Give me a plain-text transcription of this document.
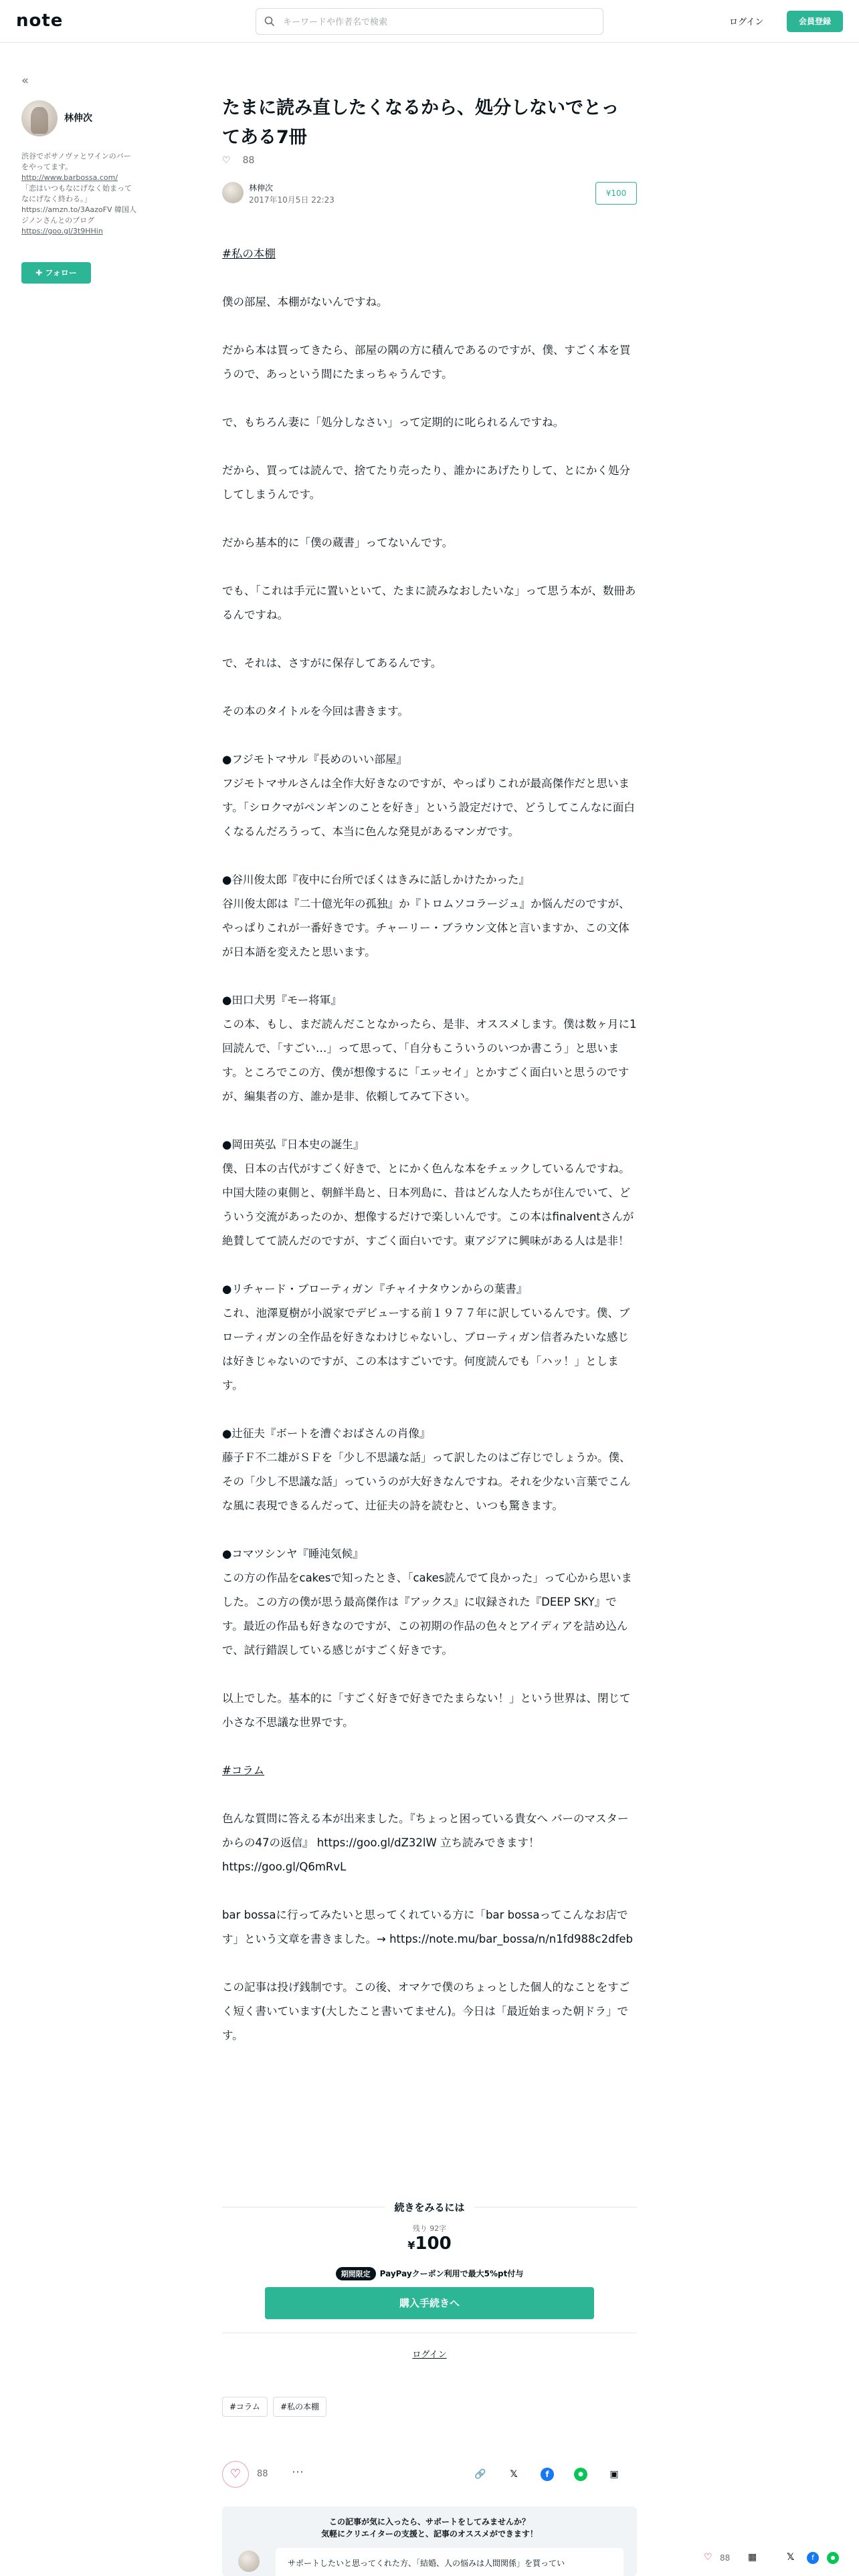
note
キーワードや作者名で検索	ログイン	会員登録
«
林伸次
渋谷でボサノヴァとワインのバー
をやってます。
http://www.barbossa.com/
「恋はいつもなにげなく始まって
なにげなく終わる。」
https://amzn.to/3AazoFV 韓国人
ジノンさんとのブログ
https://goo.gl/3t9HHin
✚ フォロー
たまに読み直したくなるから、処分しないでとってある7冊
♡ 88
林伸次
2017年10月5日 22:23
¥100

#私の本棚

僕の部屋、本棚がないんですね。

だから本は買ってきたら、部屋の隅の方に積んであるのですが、僕、すごく本を買うので、あっという間にたまっちゃうんです。

で、もちろん妻に「処分しなさい」って定期的に叱られるんですね。

だから、買っては読んで、捨てたり売ったり、誰かにあげたりして、とにかく処分してしまうんです。

だから基本的に「僕の蔵書」ってないんです。

でも、「これは手元に置いといて、たまに読みなおしたいな」って思う本が、数冊あるんですね。

で、それは、さすがに保存してあるんです。

その本のタイトルを今回は書きます。

●フジモトマサル『長めのいい部屋』
フジモトマサルさんは全作大好きなのですが、やっぱりこれが最高傑作だと思います。「シロクマがペンギンのことを好き」という設定だけで、どうしてこんなに面白くなるんだろうって、本当に色んな発見があるマンガです。

●谷川俊太郎『夜中に台所でぼくはきみに話しかけたかった』
谷川俊太郎は『二十億光年の孤独』か『トロムソコラージュ』か悩んだのですが、やっぱりこれが一番好きです。チャーリー・ブラウン文体と言いますか、この文体が日本語を変えたと思います。

●田口犬男『モー将軍』
この本、もし、まだ読んだことなかったら、是非、オススメします。僕は数ヶ月に1回読んで、「すごい…」って思って、「自分もこういうのいつか書こう」と思います。ところでこの方、僕が想像するに「エッセイ」とかすごく面白いと思うのですが、編集者の方、誰か是非、依頼してみて下さい。

●岡田英弘『日本史の誕生』
僕、日本の古代がすごく好きで、とにかく色んな本をチェックしているんですね。中国大陸の東側と、朝鮮半島と、日本列島に、昔はどんな人たちが住んでいて、どういう交流があったのか、想像するだけで楽しいんです。この本はfinalventさんが絶賛してて読んだのですが、すごく面白いです。東アジアに興味がある人は是非！

●リチャード・ブローティガン『チャイナタウンからの葉書』
これ、池澤夏樹が小説家でデビューする前１９７７年に訳しているんです。僕、ブローティガンの全作品を好きなわけじゃないし、ブローティガン信者みたいな感じは好きじゃないのですが、この本はすごいです。何度読んでも「ハッ！」とします。

●辻征夫『ボートを漕ぐおばさんの肖像』
藤子Ｆ不二雄がＳＦを「少し不思議な話」って訳したのはご存じでしょうか。僕、その「少し不思議な話」っていうのが大好きなんですね。それを少ない言葉でこんな風に表現できるんだって、辻征夫の詩を読むと、いつも驚きます。

●コマツシンヤ『睡沌気候』
この方の作品をcakesで知ったとき、「cakes読んでて良かった」って心から思いました。この方の僕が思う最高傑作は『アックス』に収録された『DEEP SKY』です。最近の作品も好きなのですが、この初期の作品の色々とアイディアを詰め込んで、試行錯誤している感じがすごく好きです。

以上でした。基本的に「すごく好きで好きでたまらない！」という世界は、閉じて小さな不思議な世界です。

#コラム

色んな質問に答える本が出来ました。『ちょっと困っている貴女へ バーのマスターからの47の返信』 https://goo.gl/dZ32lW 立ち読みできます！https://goo.gl/Q6mRvL

bar bossaに行ってみたいと思ってくれている方に「bar bossaってこんなお店です」という文章を書きました。→ https://note.mu/bar_bossa/n/n1fd988c2dfeb

この記事は投げ銭制です。この後、オマケで僕のちょっとした個人的なことをすごく短く書いています(大したこと書いてません)。今日は「最近始まった朝ドラ」です。

続きをみるには
残り 92字
¥100
期間限定 PayPayクーポン利用で最大5%pt付与
購入手続きへ
ログイン
#コラム	#私の本棚
♡	88 ⋯	🔗	𝕏	f	●	▣
この記事が気に入ったら、サポートをしてみませんか？
気軽にクリエイターの支援と、記事のオススメができます！
サポートしたいと思ってくれた方、「結婚、人の悩みは人間関係」を買ってい
♡ 88 ▦	𝕏	f	●
